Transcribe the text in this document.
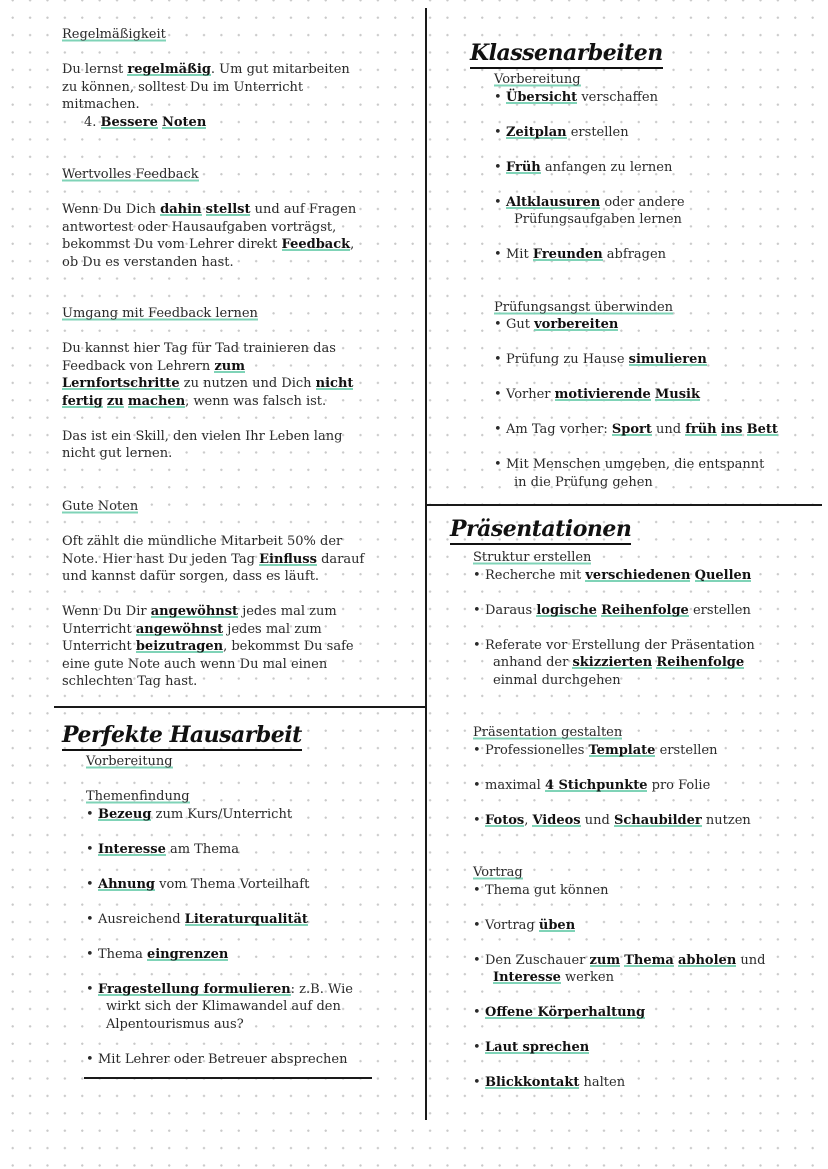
Regelmäßigkeit
Du lernst regelmäßig. Um gut mitarbeiten
zu können, solltest Du im Unterricht
mitmachen.
4. Bessere Noten
Wertvolles Feedback
Wenn Du Dich dahin stellst und auf Fragen
antwortest oder Hausaufgaben vorträgst,
bekommst Du vom Lehrer direkt Feedback,
ob Du es verstanden hast.
Umgang mit Feedback lernen
Du kannst hier Tag für Tad trainieren das
Feedback von Lehrern zum
Lernfortschritte zu nutzen und Dich nicht
fertig zu machen, wenn was falsch ist.
Das ist ein Skill, den vielen Ihr Leben lang
nicht gut lernen.
Gute Noten
Oft zählt die mündliche Mitarbeit 50% der
Note. Hier hast Du jeden Tag Einfluss darauf
und kannst dafür sorgen, dass es läuft.
Wenn Du Dir angewöhnst jedes mal zum
Unterricht angewöhnst jedes mal zum
Unterricht beizutragen, bekommst Du safe
eine gute Note auch wenn Du mal einen
schlechten Tag hast.
Perfekte Hausarbeit
Vorbereitung
Themenfindung
• Bezeug zum Kurs/Unterricht
• Interesse am Thema
• Ahnung vom Thema Vorteilhaft
• Ausreichend Literaturqualität
• Thema eingrenzen
• Fragestellung formulieren: z.B. Wie
wirkt sich der Klimawandel auf den
Alpentourismus aus?
• Mit Lehrer oder Betreuer absprechen
Klassenarbeiten
Vorbereitung
• Übersicht verschaffen
• Zeitplan erstellen
• Früh anfangen zu lernen
• Altklausuren oder andere
Prüfungsaufgaben lernen
• Mit Freunden abfragen
Prüfungsangst überwinden
• Gut vorbereiten
• Prüfung zu Hause simulieren
• Vorher motivierende Musik
• Am Tag vorher: Sport und früh ins Bett
• Mit Menschen umgeben, die entspannt
in die Prüfung gehen
Präsentationen
Struktur erstellen
• Recherche mit verschiedenen Quellen
• Daraus logische Reihenfolge erstellen
• Referate vor Erstellung der Präsentation
anhand der skizzierten Reihenfolge
einmal durchgehen
Präsentation gestalten
• Professionelles Template erstellen
• maximal 4 Stichpunkte pro Folie
• Fotos, Videos und Schaubilder nutzen
Vortrag
• Thema gut können
• Vortrag üben
• Den Zuschauer zum Thema abholen und
Interesse werken
• Offene Körperhaltung
• Laut sprechen
• Blickkontakt halten
